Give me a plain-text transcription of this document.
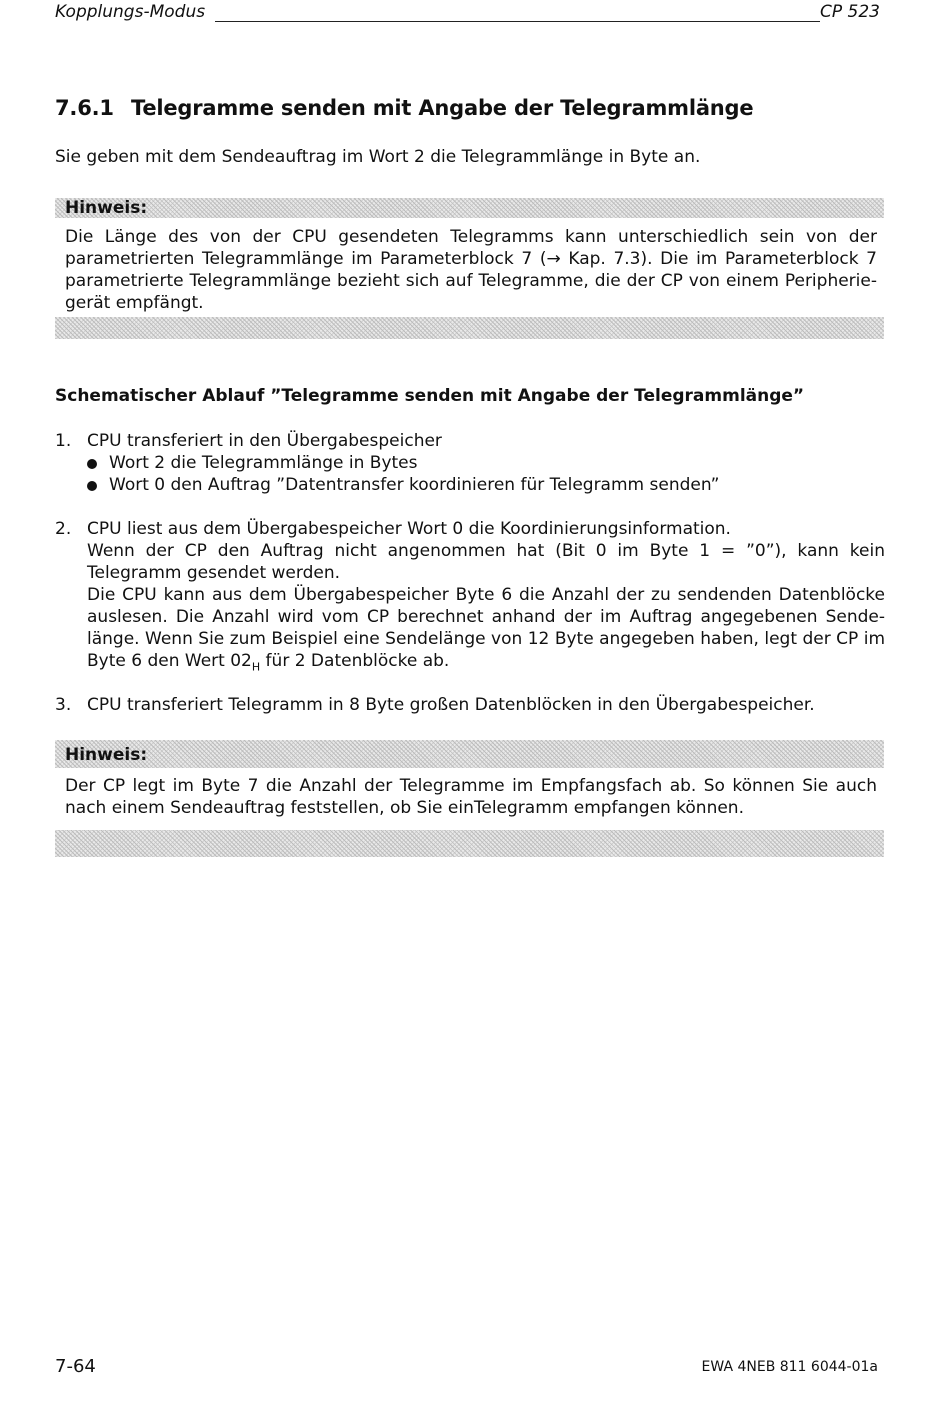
Kopplungs-Modus	CP 523
7.6.1 Telegramme senden mit Angabe der Telegrammlänge
Sie geben mit dem Sendeauftrag im Wort 2 die Telegrammlänge in Byte an.
Hinweis:
Die Länge des von der CPU gesendeten Telegramms kann unterschiedlich sein von der parametrierten Telegrammlänge im Parameterblock 7 (→ Kap. 7.3). Die im Parameterblock 7 parametrierte Telegrammlänge bezieht sich auf Telegramme, die der CP von einem Peripherie-gerät empfängt.
Schematischer Ablauf ”Telegramme senden mit Angabe der Telegrammlänge”
1. CPU transferiert in den Übergabespeicher
Wort 2 die Telegrammlänge in Bytes
Wort 0 den Auftrag ”Datentransfer koordinieren für Telegramm senden”
2. CPU liest aus dem Übergabespeicher Wort 0 die Koordinierungsinformation.
Wenn der CP den Auftrag nicht angenommen hat (Bit 0 im Byte 1 = ”0”), kann kein Telegramm gesendet werden.
Die CPU kann aus dem Übergabespeicher Byte 6 die Anzahl der zu sendenden Datenblöcke auslesen. Die Anzahl wird vom CP berechnet anhand der im Auftrag angegebenen Sende-länge. Wenn Sie zum Beispiel eine Sendelänge von 12 Byte angegeben haben, legt der CP im Byte 6 den Wert $02_H$ für 2 Datenblöcke ab.
3. CPU transferiert Telegramm in 8 Byte großen Datenblöcken in den Übergabespeicher.
Hinweis:
Der CP legt im Byte 7 die Anzahl der Telegramme im Empfangsfach ab. So können Sie auch nach einem Sendeauftrag feststellen, ob Sie einTelegramm empfangen können.
7-64	EWA 4NEB 811 6044-01a
